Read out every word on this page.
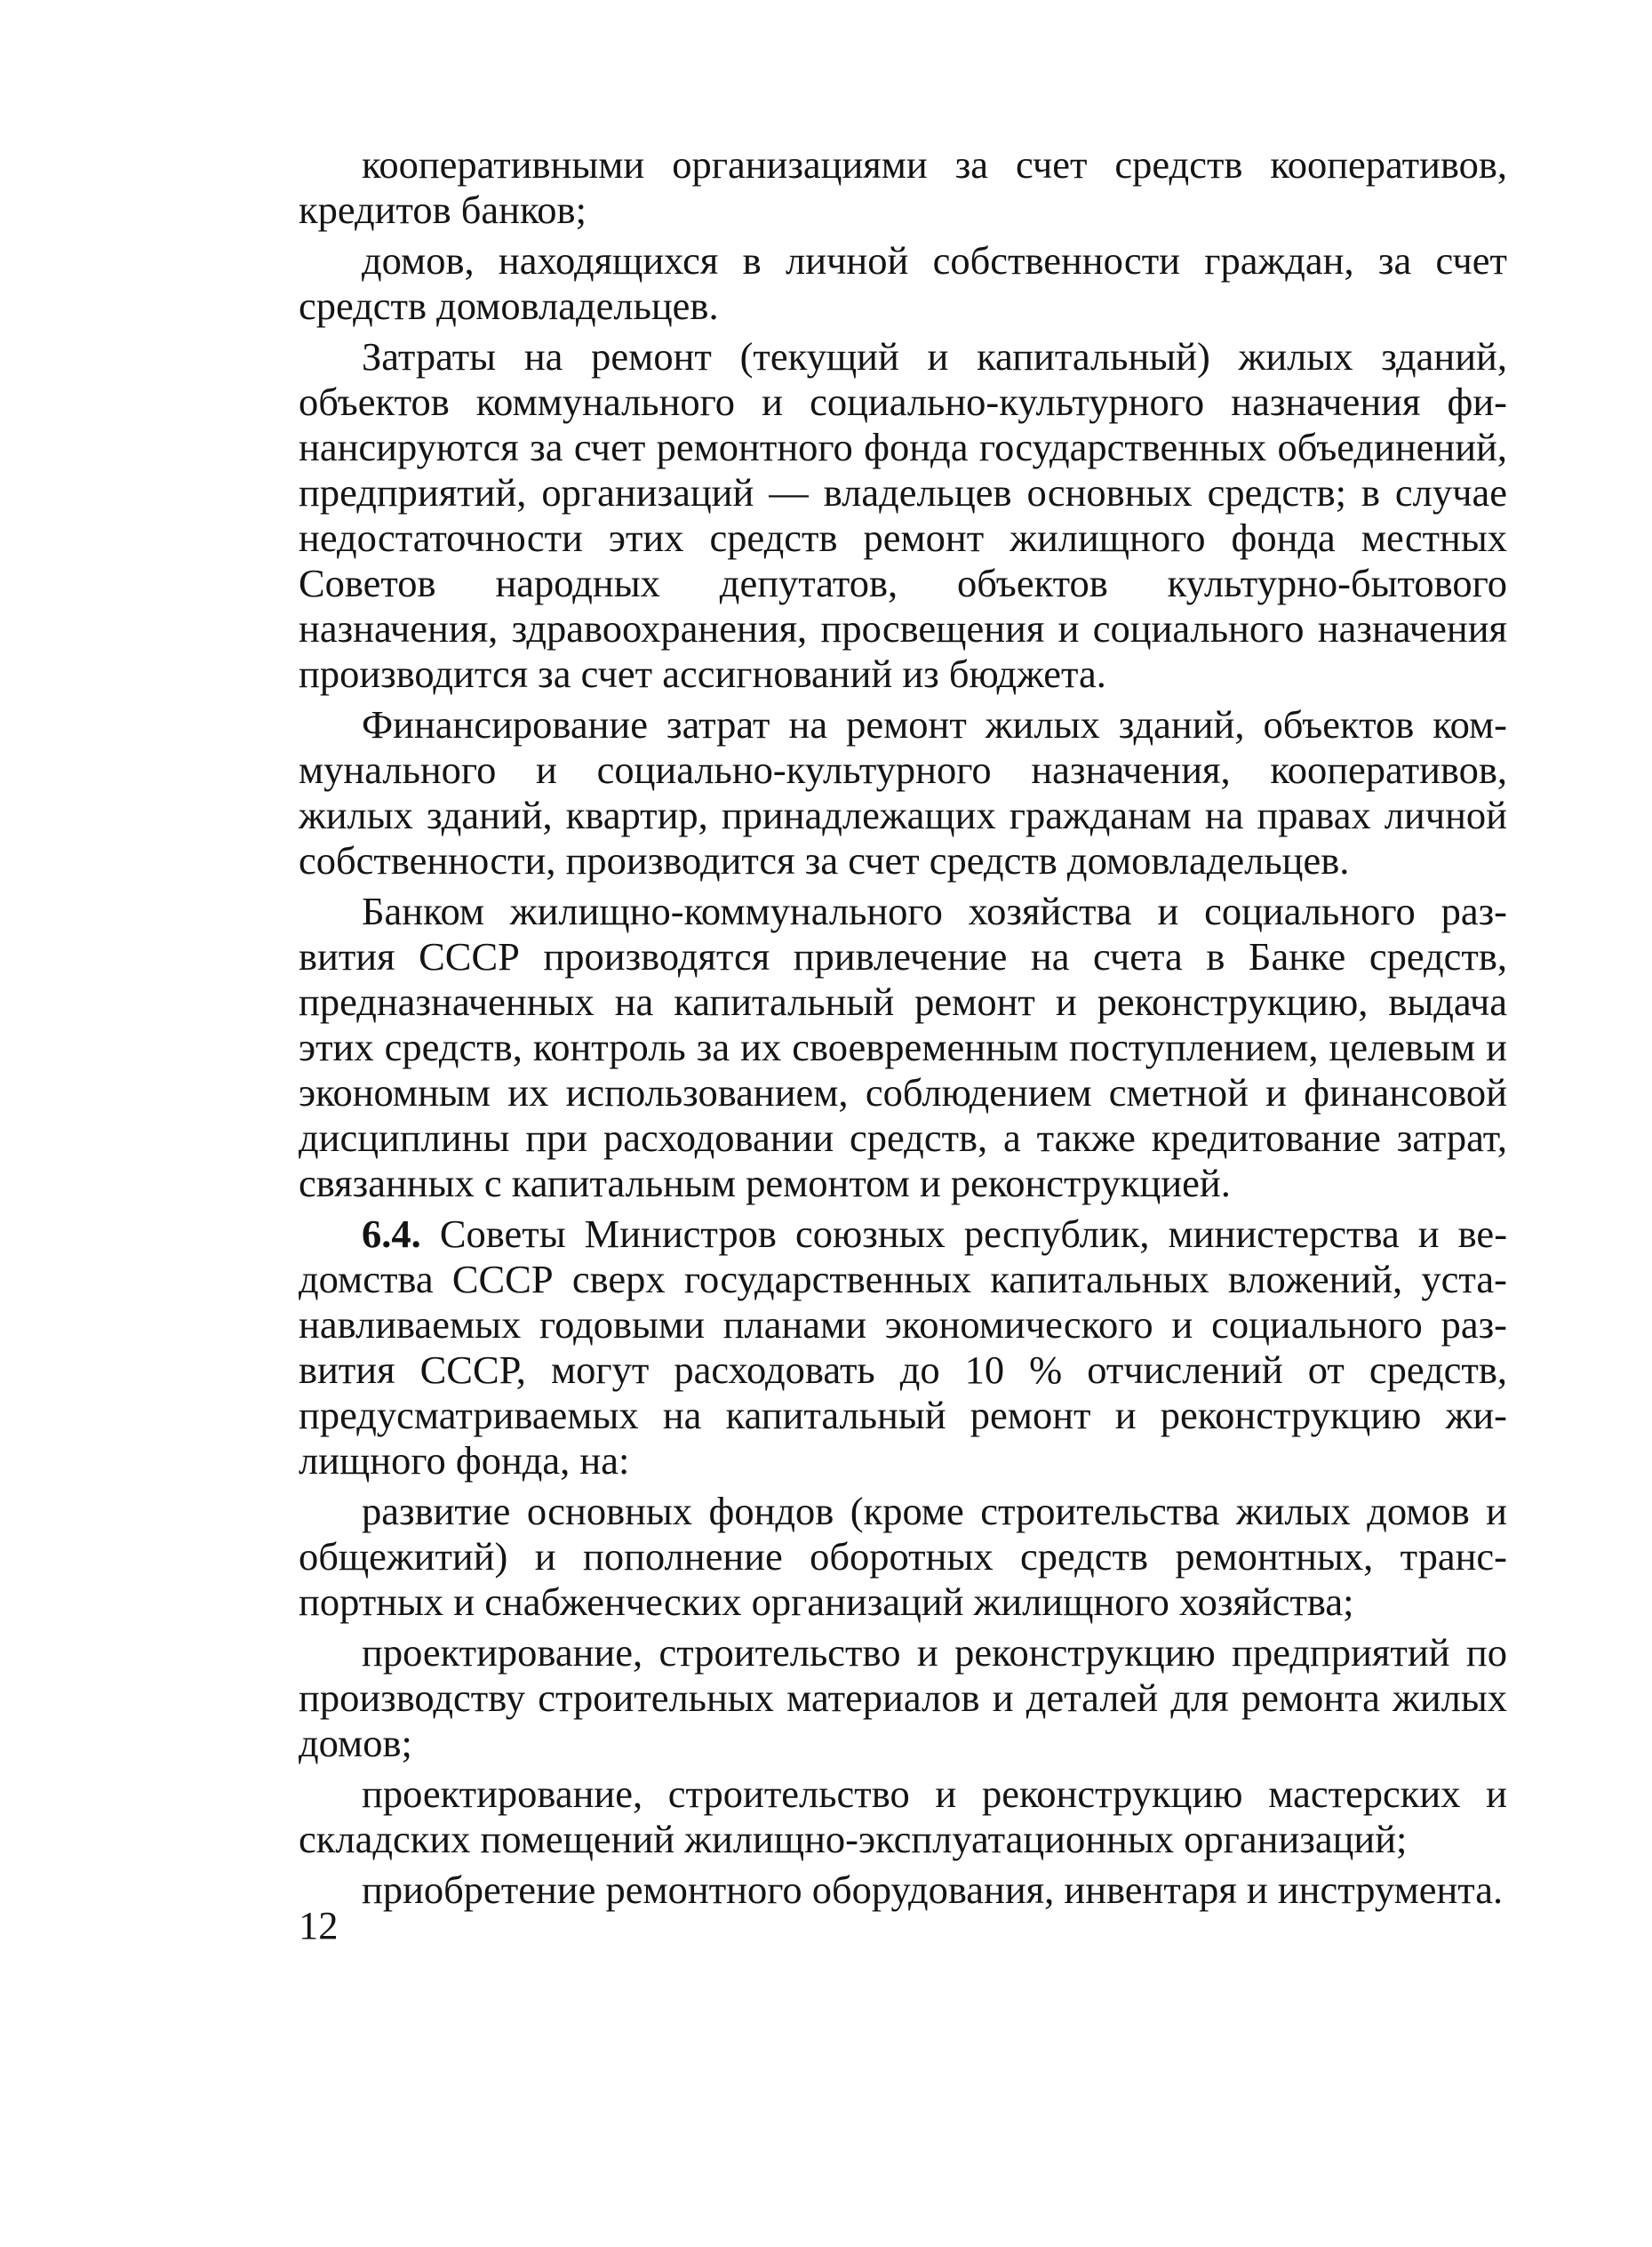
кооперативными организациями за счет средств кооперативов, кредитов банков;

домов, находящихся в личной собственности граждан, за счет средств домовладельцев.

Затраты на ремонт (текущий и капитальный) жилых зданий, объектов коммунального и социально-культурного назначения финансируются за счет ремонтного фонда государственных объединений, предприятий, организаций — владельцев основных средств; в случае недостаточности этих средств ремонт жилищного фонда местных Советов народных депутатов, объектов культурно-бытового назначения, здравоохранения, просвещения и социального назначения производится за счет ассигнований из бюджета.

Финансирование затрат на ремонт жилых зданий, объектов коммунального и социально-культурного назначения, кооперативов, жилых зданий, квартир, принадлежащих гражданам на правах личной собственности, производится за счет средств домовладельцев.

Банком жилищно-коммунального хозяйства и социального развития СССР производятся привлечение на счета в Банке средств, предназначенных на капитальный ремонт и реконструкцию, выдача этих средств, контроль за их своевременным поступлением, целевым и экономным их использованием, соблюдением сметной и финансовой дисциплины при расходовании средств, а также кредитование затрат, связанных с капитальным ремонтом и реконструкцией.

6.4. Советы Министров союзных республик, министерства и ведомства СССР сверх государственных капитальных вложений, устанавливаемых годовыми планами экономического и социального развития СССР, могут расходовать до 10 % отчислений от средств, предусматриваемых на капитальный ремонт и реконструкцию жилищного фонда, на:

развитие основных фондов (кроме строительства жилых домов и общежитий) и пополнение оборотных средств ремонтных, транспортных и снабженческих организаций жилищного хозяйства;

проектирование, строительство и реконструкцию предприятий по производству строительных материалов и деталей для ремонта жилых домов;

проектирование, строительство и реконструкцию мастерских и складских помещений жилищно-эксплуатационных организаций;

приобретение ремонтного оборудования, инвентаря и инструмента.

12
